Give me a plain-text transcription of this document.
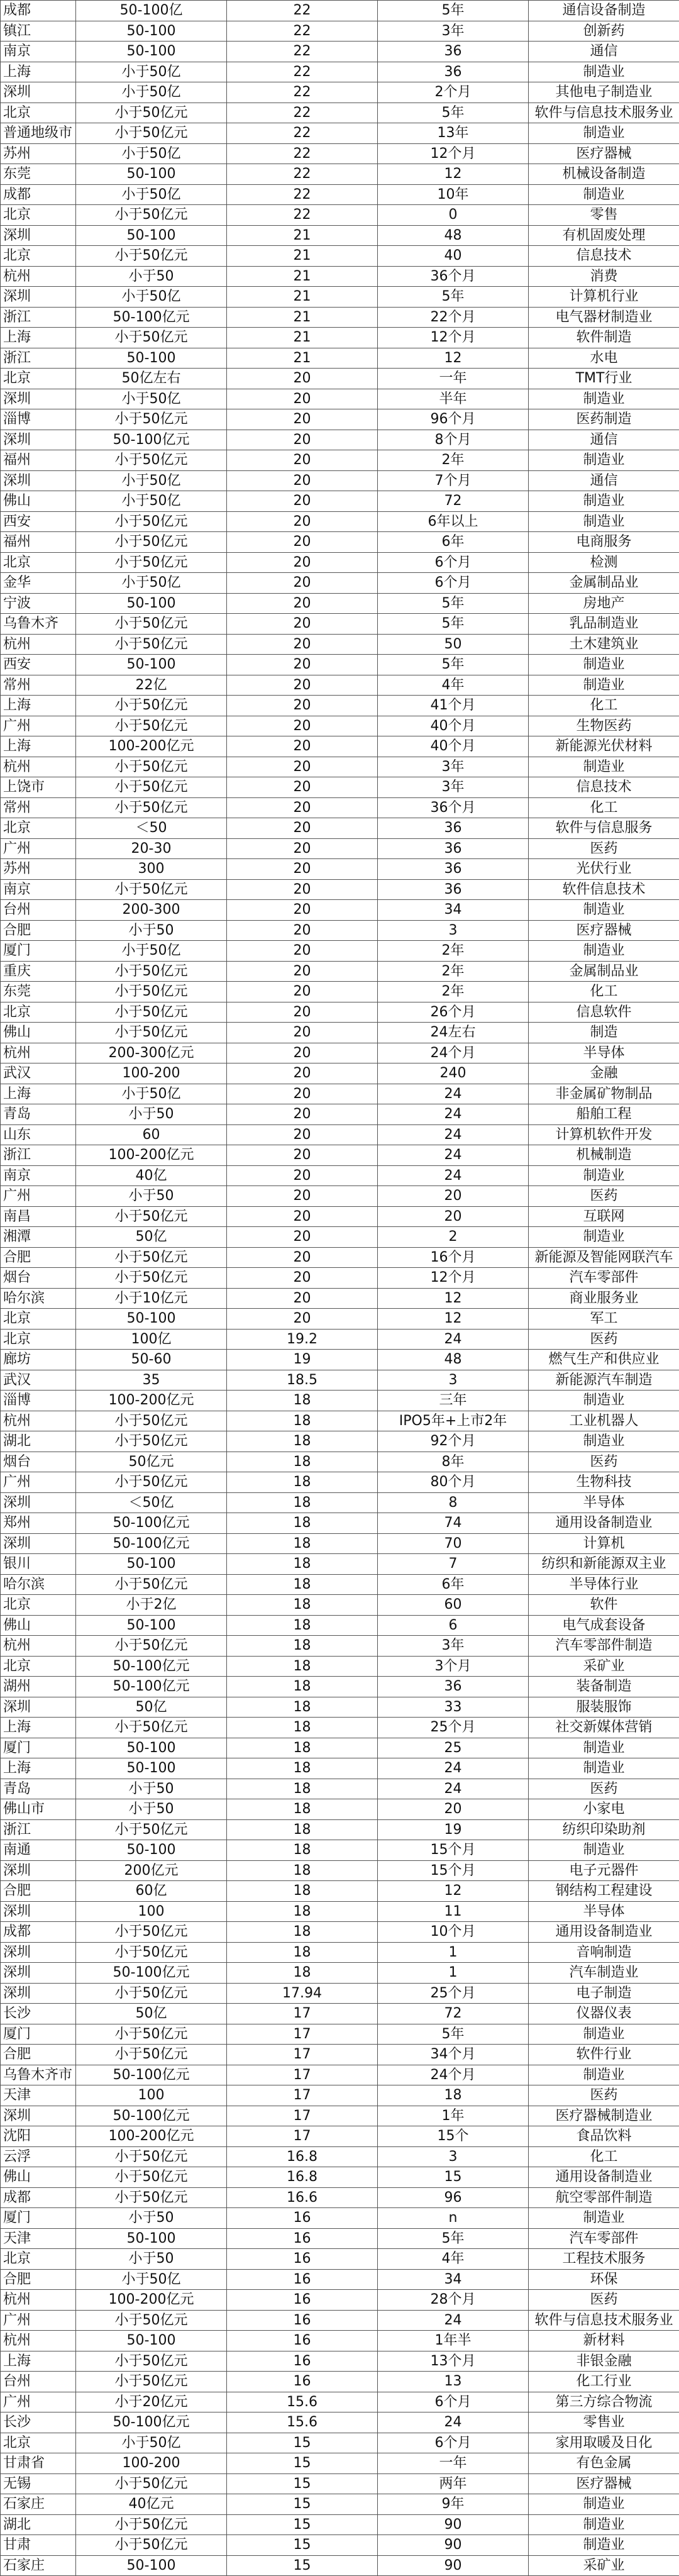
成都	50-100亿	22	5年	通信设备制造
镇江	50-100	22	3年	创新药
南京	50-100	22	36	通信
上海	小于50亿	22	36	制造业
深圳	小于50亿	22	2个月	其他电子制造业
北京	小于50亿元	22	5年	软件与信息技术服务业
普通地级市	小于50亿元	22	13年	制造业
苏州	小于50亿	22	12个月	医疗器械
东莞	50-100	22	12	机械设备制造
成都	小于50亿	22	10年	制造业
北京	小于50亿元	22	0	零售
深圳	50-100	21	48	有机固废处理
北京	小于50亿元	21	40	信息技术
杭州	小于50	21	36个月	消费
深圳	小于50亿	21	5年	计算机行业
浙江	50-100亿元	21	22个月	电气器材制造业
上海	小于50亿元	21	12个月	软件制造
浙江	50-100	21	12	水电
北京	50亿左右	20	一年	TMT行业
深圳	小于50亿	20	半年	制造业
淄博	小于50亿元	20	96个月	医药制造
深圳	50-100亿元	20	8个月	通信
福州	小于50亿元	20	2年	制造业
深圳	小于50亿	20	7个月	通信
佛山	小于50亿	20	72	制造业
西安	小于50亿元	20	6年以上	制造业
福州	小于50亿元	20	6年	电商服务
北京	小于50亿元	20	6个月	检测
金华	小于50亿	20	6个月	金属制品业
宁波	50-100	20	5年	房地产
乌鲁木齐	小于50亿元	20	5年	乳品制造业
杭州	小于50亿元	20	50	土木建筑业
西安	50-100	20	5年	制造业
常州	22亿	20	4年	制造业
上海	小于50亿元	20	41个月	化工
广州	小于50亿元	20	40个月	生物医药
上海	100-200亿元	20	40个月	新能源光伏材料
杭州	小于50亿元	20	3年	制造业
上饶市	小于50亿元	20	3年	信息技术
常州	小于50亿元	20	36个月	化工
北京	＜50	20	36	软件与信息服务
广州	20-30	20	36	医药
苏州	300	20	36	光伏行业
南京	小于50亿元	20	36	软件信息技术
台州	200-300	20	34	制造业
合肥	小于50	20	3	医疗器械
厦门	小于50亿	20	2年	制造业
重庆	小于50亿元	20	2年	金属制品业
东莞	小于50亿元	20	2年	化工
北京	小于50亿元	20	26个月	信息软件
佛山	小于50亿元	20	24左右	制造
杭州	200-300亿元	20	24个月	半导体
武汉	100-200	20	240	金融
上海	小于50亿	20	24	非金属矿物制品
青岛	小于50	20	24	船舶工程
山东	60	20	24	计算机软件开发
浙江	100-200亿元	20	24	机械制造
南京	40亿	20	24	制造业
广州	小于50	20	20	医药
南昌	小于50亿元	20	20	互联网
湘潭	50亿	20	2	制造业
合肥	小于50亿元	20	16个月	新能源及智能网联汽车
烟台	小于50亿元	20	12个月	汽车零部件
哈尔滨	小于10亿元	20	12	商业服务业
北京	50-100	20	12	军工
北京	100亿	19.2	24	医药
廊坊	50-60	19	48	燃气生产和供应业
武汉	35	18.5	3	新能源汽车制造
淄博	100-200亿元	18	三年	制造业
杭州	小于50亿元	18	IPO5年+上市2年	工业机器人
湖北	小于50亿元	18	92个月	制造业
烟台	50亿元	18	8年	医药
广州	小于50亿元	18	80个月	生物科技
深圳	＜50亿	18	8	半导体
郑州	50-100亿元	18	74	通用设备制造业
深圳	50-100亿元	18	70	计算机
银川	50-100	18	7	纺织和新能源双主业
哈尔滨	小于50亿元	18	6年	半导体行业
北京	小于2亿	18	60	软件
佛山	50-100	18	6	电气成套设备
杭州	小于50亿元	18	3年	汽车零部件制造
北京	50-100亿元	18	3个月	采矿业
湖州	50-100亿元	18	36	装备制造
深圳	50亿	18	33	服装服饰
上海	小于50亿元	18	25个月	社交新媒体营销
厦门	50-100	18	25	制造业
上海	50-100	18	24	制造业
青岛	小于50	18	24	医药
佛山市	小于50	18	20	小家电
浙江	小于50亿元	18	19	纺织印染助剂
南通	50-100	18	15个月	制造业
深圳	200亿元	18	15个月	电子元器件
合肥	60亿	18	12	钢结构工程建设
深圳	100	18	11	半导体
成都	小于50亿元	18	10个月	通用设备制造业
深圳	小于50亿元	18	1	音响制造
深圳	50-100亿元	18	1	汽车制造业
深圳	小于50亿元	17.94	25个月	电子制造
长沙	50亿	17	72	仪器仪表
厦门	小于50亿元	17	5年	制造业
合肥	小于50亿元	17	34个月	软件行业
乌鲁木齐市	50-100亿元	17	24个月	制造业
天津	100	17	18	医药
深圳	50-100亿元	17	1年	医疗器械制造业
沈阳	100-200亿元	17	15个	食品饮料
云浮	小于50亿元	16.8	3	化工
佛山	小于50亿元	16.8	15	通用设备制造业
成都	小于50亿元	16.6	96	航空零部件制造
厦门	小于50	16	n	制造业
天津	50-100	16	5年	汽车零部件
北京	小于50	16	4年	工程技术服务
合肥	小于50亿	16	34	环保
杭州	100-200亿元	16	28个月	医药
广州	小于50亿元	16	24	软件与信息技术服务业
杭州	50-100	16	1年半	新材料
上海	小于50亿元	16	13个月	非银金融
台州	小于50亿元	16	13	化工行业
广州	小于20亿元	15.6	6个月	第三方综合物流
长沙	50-100亿元	15.6	24	零售业
北京	小于50亿	15	6个月	家用取暖及日化
甘肃省	100-200	15	一年	有色金属
无锡	小于50亿元	15	两年	医疗器械
石家庄	40亿元	15	9年	制造业
湖北	小于50亿元	15	90	制造业
甘肃	小于50亿元	15	90	制造业
石家庄	50-100	15	90	采矿业
